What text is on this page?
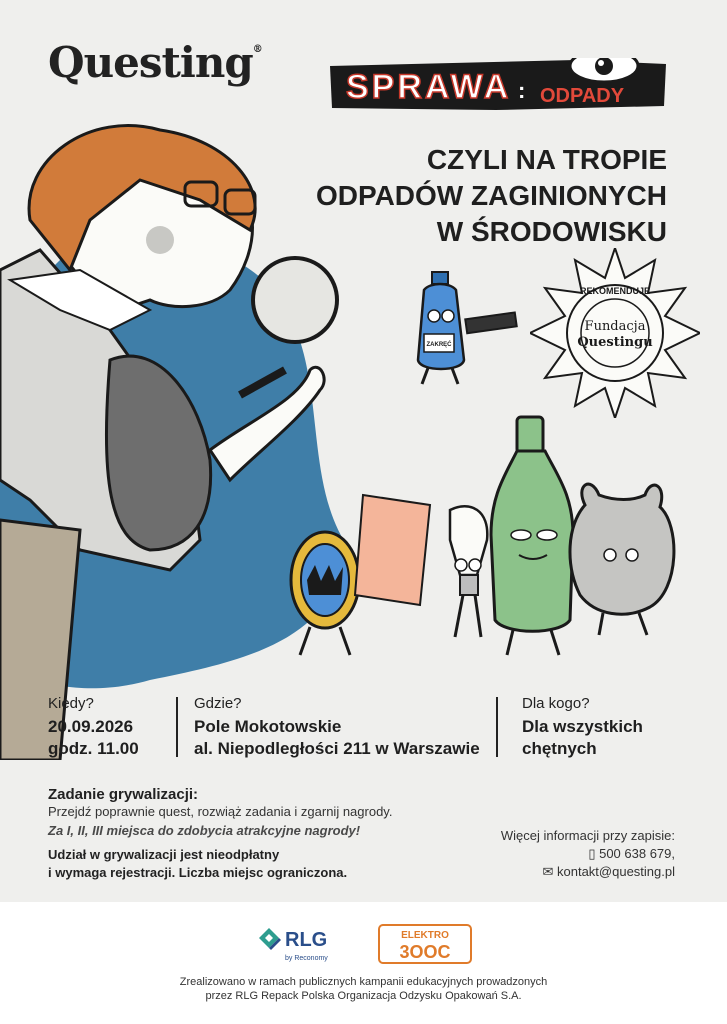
Questing®
SPRAWA : ODPADY
CZYLI NA TROPIE
ODPADÓW ZAGINIONYCH
W ŚRODOWISKU
ZAKRĘĆ
REKOMENDUJE
Fundacja
Questingu
Kiedy?
20.09.2026
godz. 11.00
Gdzie?
Pole Mokotowskie
al. Niepodległości 211 w Warszawie
Dla kogo?
Dla wszystkich
chętnych
Zadanie grywalizacji:
Przejdź poprawnie quest, rozwiąż zadania i zgarnij nagrody.
Za I, II, III miejsca do zdobycia atrakcyjne nagrody!
Udział w grywalizacji jest nieodpłatny
i wymaga rejestracji. Liczba miejsc ograniczona.
Więcej informacji przy zapisie:
▯ 500 638 679,
✉ kontakt@questing.pl
RLG
by Reconomy
ELEKTRO
3OOC
Zrealizowano w ramach publicznych kampanii edukacyjnych prowadzonych
przez RLG Repack Polska Organizacja Odzysku Opakowań S.A.
